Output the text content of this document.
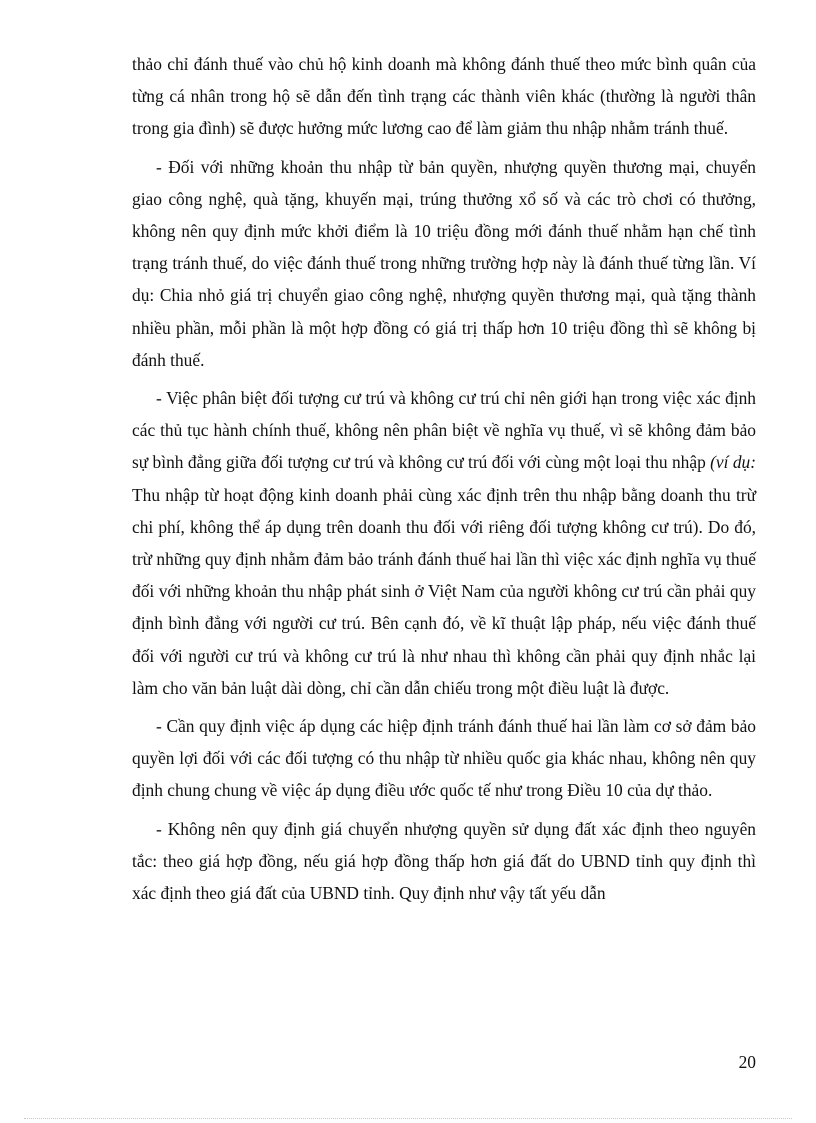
thảo chỉ đánh thuế vào chủ hộ kinh doanh mà không đánh thuế theo mức bình quân của từng cá nhân trong hộ sẽ dẫn đến tình trạng các thành viên khác (thường là người thân trong gia đình) sẽ được hưởng mức lương cao để làm giảm thu nhập nhằm tránh thuế.

- Đối với những khoản thu nhập từ bản quyền, nhượng quyền thương mại, chuyển giao công nghệ, quà tặng, khuyến mại, trúng thưởng xổ số và các trò chơi có thưởng, không nên quy định mức khởi điểm là 10 triệu đồng mới đánh thuế nhằm hạn chế tình trạng tránh thuế, do việc đánh thuế trong những trường hợp này là đánh thuế từng lần. Ví dụ: Chia nhỏ giá trị chuyển giao công nghệ, nhượng quyền thương mại, quà tặng thành nhiều phần, mỗi phần là một hợp đồng có giá trị thấp hơn 10 triệu đồng thì sẽ không bị đánh thuế.

- Việc phân biệt đối tượng cư trú và không cư trú chỉ nên giới hạn trong việc xác định các thủ tục hành chính thuế, không nên phân biệt về nghĩa vụ thuế, vì sẽ không đảm bảo sự bình đẳng giữa đối tượng cư trú và không cư trú đối với cùng một loại thu nhập (ví dụ: Thu nhập từ hoạt động kinh doanh phải cùng xác định trên thu nhập bằng doanh thu trừ chi phí, không thể áp dụng trên doanh thu đối với riêng đối tượng không cư trú). Do đó, trừ những quy định nhằm đảm bảo tránh đánh thuế hai lần thì việc xác định nghĩa vụ thuế đối với những khoản thu nhập phát sinh ở Việt Nam của người không cư trú cần phải quy định bình đẳng với người cư trú. Bên cạnh đó, về kĩ thuật lập pháp, nếu việc đánh thuế đối với người cư trú và không cư trú là như nhau thì không cần phải quy định nhắc lại làm cho văn bản luật dài dòng, chỉ cần dẫn chiếu trong một điều luật là được.

- Cần quy định việc áp dụng các hiệp định tránh đánh thuế hai lần làm cơ sở đảm bảo quyền lợi đối với các đối tượng có thu nhập từ nhiều quốc gia khác nhau, không nên quy định chung chung về việc áp dụng điều ước quốc tế như trong Điều 10 của dự thảo.

- Không nên quy định giá chuyển nhượng quyền sử dụng đất xác định theo nguyên tắc: theo giá hợp đồng, nếu giá hợp đồng thấp hơn giá đất do UBND tỉnh quy định thì xác định theo giá đất của UBND tỉnh. Quy định như vậy tất yếu dẫn

20
